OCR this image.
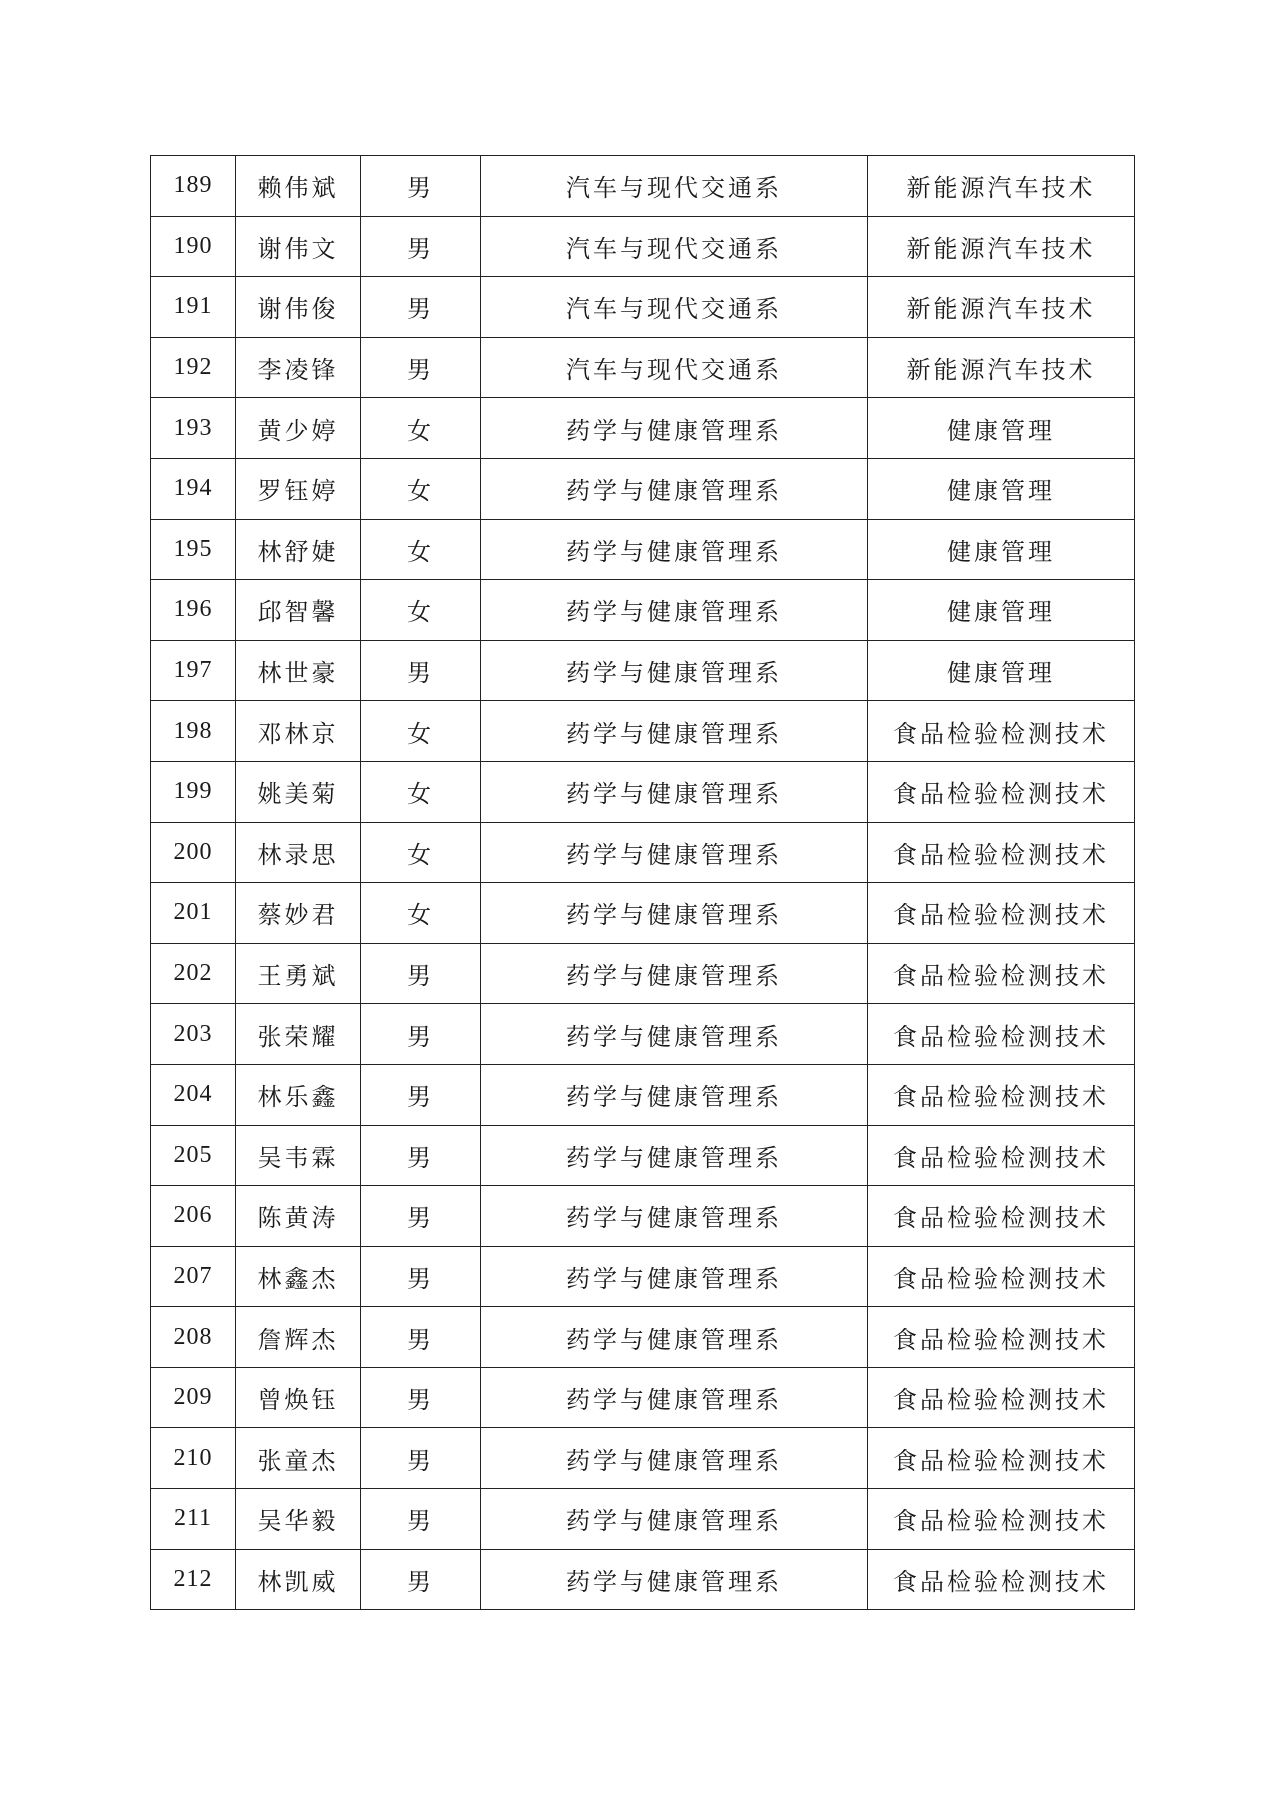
189	赖伟斌	男	汽车与现代交通系	新能源汽车技术
190	谢伟文	男	汽车与现代交通系	新能源汽车技术
191	谢伟俊	男	汽车与现代交通系	新能源汽车技术
192	李凌锋	男	汽车与现代交通系	新能源汽车技术
193	黄少婷	女	药学与健康管理系	健康管理
194	罗钰婷	女	药学与健康管理系	健康管理
195	林舒婕	女	药学与健康管理系	健康管理
196	邱智馨	女	药学与健康管理系	健康管理
197	林世豪	男	药学与健康管理系	健康管理
198	邓林京	女	药学与健康管理系	食品检验检测技术
199	姚美菊	女	药学与健康管理系	食品检验检测技术
200	林录思	女	药学与健康管理系	食品检验检测技术
201	蔡妙君	女	药学与健康管理系	食品检验检测技术
202	王勇斌	男	药学与健康管理系	食品检验检测技术
203	张荣耀	男	药学与健康管理系	食品检验检测技术
204	林乐鑫	男	药学与健康管理系	食品检验检测技术
205	吴韦霖	男	药学与健康管理系	食品检验检测技术
206	陈黄涛	男	药学与健康管理系	食品检验检测技术
207	林鑫杰	男	药学与健康管理系	食品检验检测技术
208	詹辉杰	男	药学与健康管理系	食品检验检测技术
209	曾焕钰	男	药学与健康管理系	食品检验检测技术
210	张童杰	男	药学与健康管理系	食品检验检测技术
211	吴华毅	男	药学与健康管理系	食品检验检测技术
212	林凯威	男	药学与健康管理系	食品检验检测技术
